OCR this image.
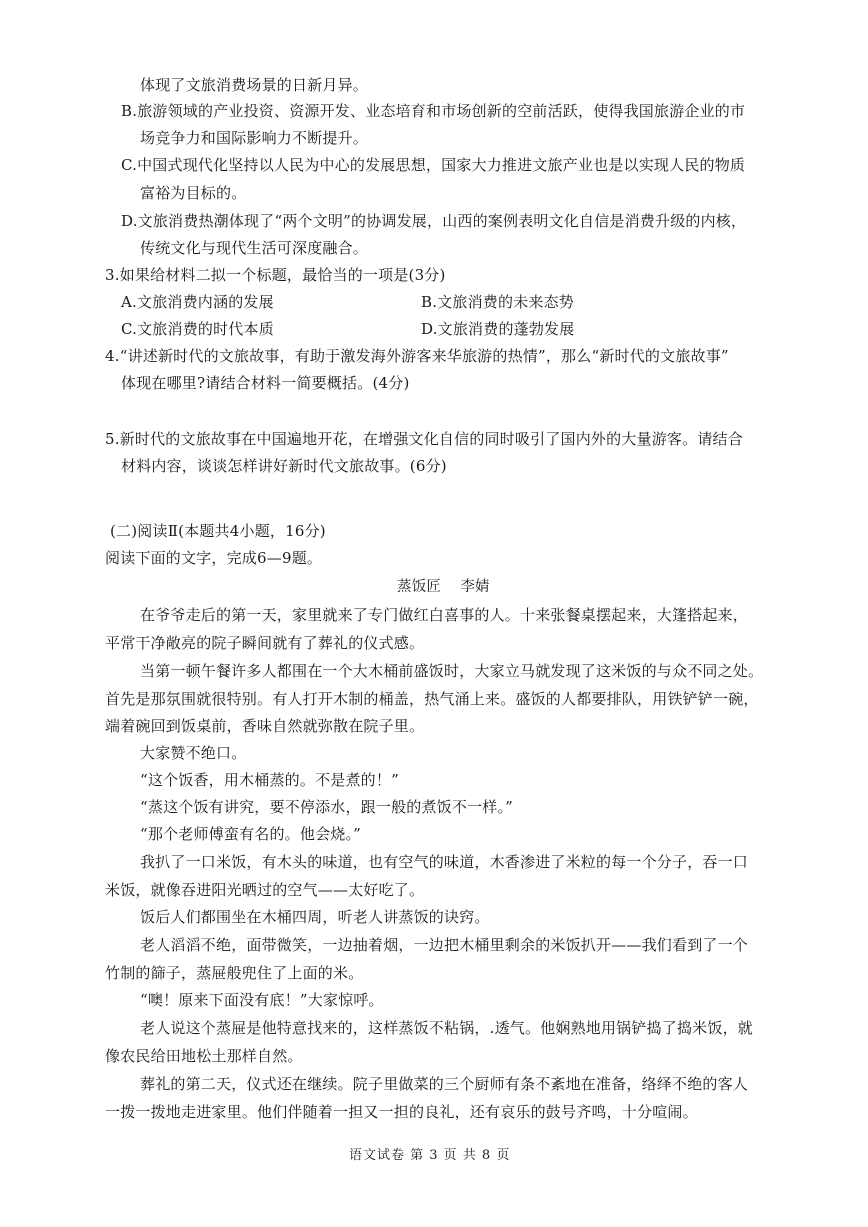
体现了文旅消费场景的日新月异。
B.旅游领域的产业投资、资源开发、业态培育和市场创新的空前活跃，使得我国旅游企业的市
场竞争力和国际影响力不断提升。
C.中国式现代化坚持以人民为中心的发展思想，国家大力推进文旅产业也是以实现人民的物质
富裕为目标的。
D.文旅消费热潮体现了“两个文明”的协调发展，山西的案例表明文化自信是消费升级的内核，
传统文化与现代生活可深度融合。
3.如果给材料二拟一个标题，最恰当的一项是(3分)
A.文旅消费内涵的发展	B.文旅消费的未来态势
C.文旅消费的时代本质	D.文旅消费的蓬勃发展
4.“讲述新时代的文旅故事，有助于激发海外游客来华旅游的热情”，那么“新时代的文旅故事”
体现在哪里?请结合材料一简要概括。(4分)
5.新时代的文旅故事在中国遍地开花，在增强文化自信的同时吸引了国内外的大量游客。请结合
材料内容，谈谈怎样讲好新时代文旅故事。(6分)
(二)阅读Ⅱ(本题共4小题，16分)
阅读下面的文字，完成6—9题。
蒸饭匠    李婧
在爷爷走后的第一天，家里就来了专门做红白喜事的人。十来张餐桌摆起来，大篷搭起来，
平常干净敞亮的院子瞬间就有了葬礼的仪式感。
当第一顿午餐许多人都围在一个大木桶前盛饭时，大家立马就发现了这米饭的与众不同之处。
首先是那氛围就很特别。有人打开木制的桶盖，热气涌上来。盛饭的人都要排队，用铁铲铲一碗，
端着碗回到饭桌前，香味自然就弥散在院子里。
大家赞不绝口。
“这个饭香，用木桶蒸的。不是煮的！”
“蒸这个饭有讲究，要不停添水，跟一般的煮饭不一样。”
“那个老师傅蛮有名的。他会烧。”
我扒了一口米饭，有木头的味道，也有空气的味道，木香渗进了米粒的每一个分子，吞一口
米饭，就像吞进阳光晒过的空气——太好吃了。
饭后人们都围坐在木桶四周，听老人讲蒸饭的诀窍。
老人滔滔不绝，面带微笑，一边抽着烟，一边把木桶里剩余的米饭扒开——我们看到了一个
竹制的篩子，蒸屉般兜住了上面的米。
“噢！原来下面没有底！”大家惊呼。
老人说这个蒸屉是他特意找来的，这样蒸饭不粘锅，.透气。他娴熟地用锅铲捣了捣米饭，就
像农民给田地松土那样自然。
葬礼的第二天，仪式还在继续。院子里做菜的三个厨师有条不紊地在准备，络绎不绝的客人
一拨一拨地走进家里。他们伴随着一担又一担的良礼，还有哀乐的鼓号齐鸣，十分喧闹。
语文试卷 第 3 页 共 8 页
